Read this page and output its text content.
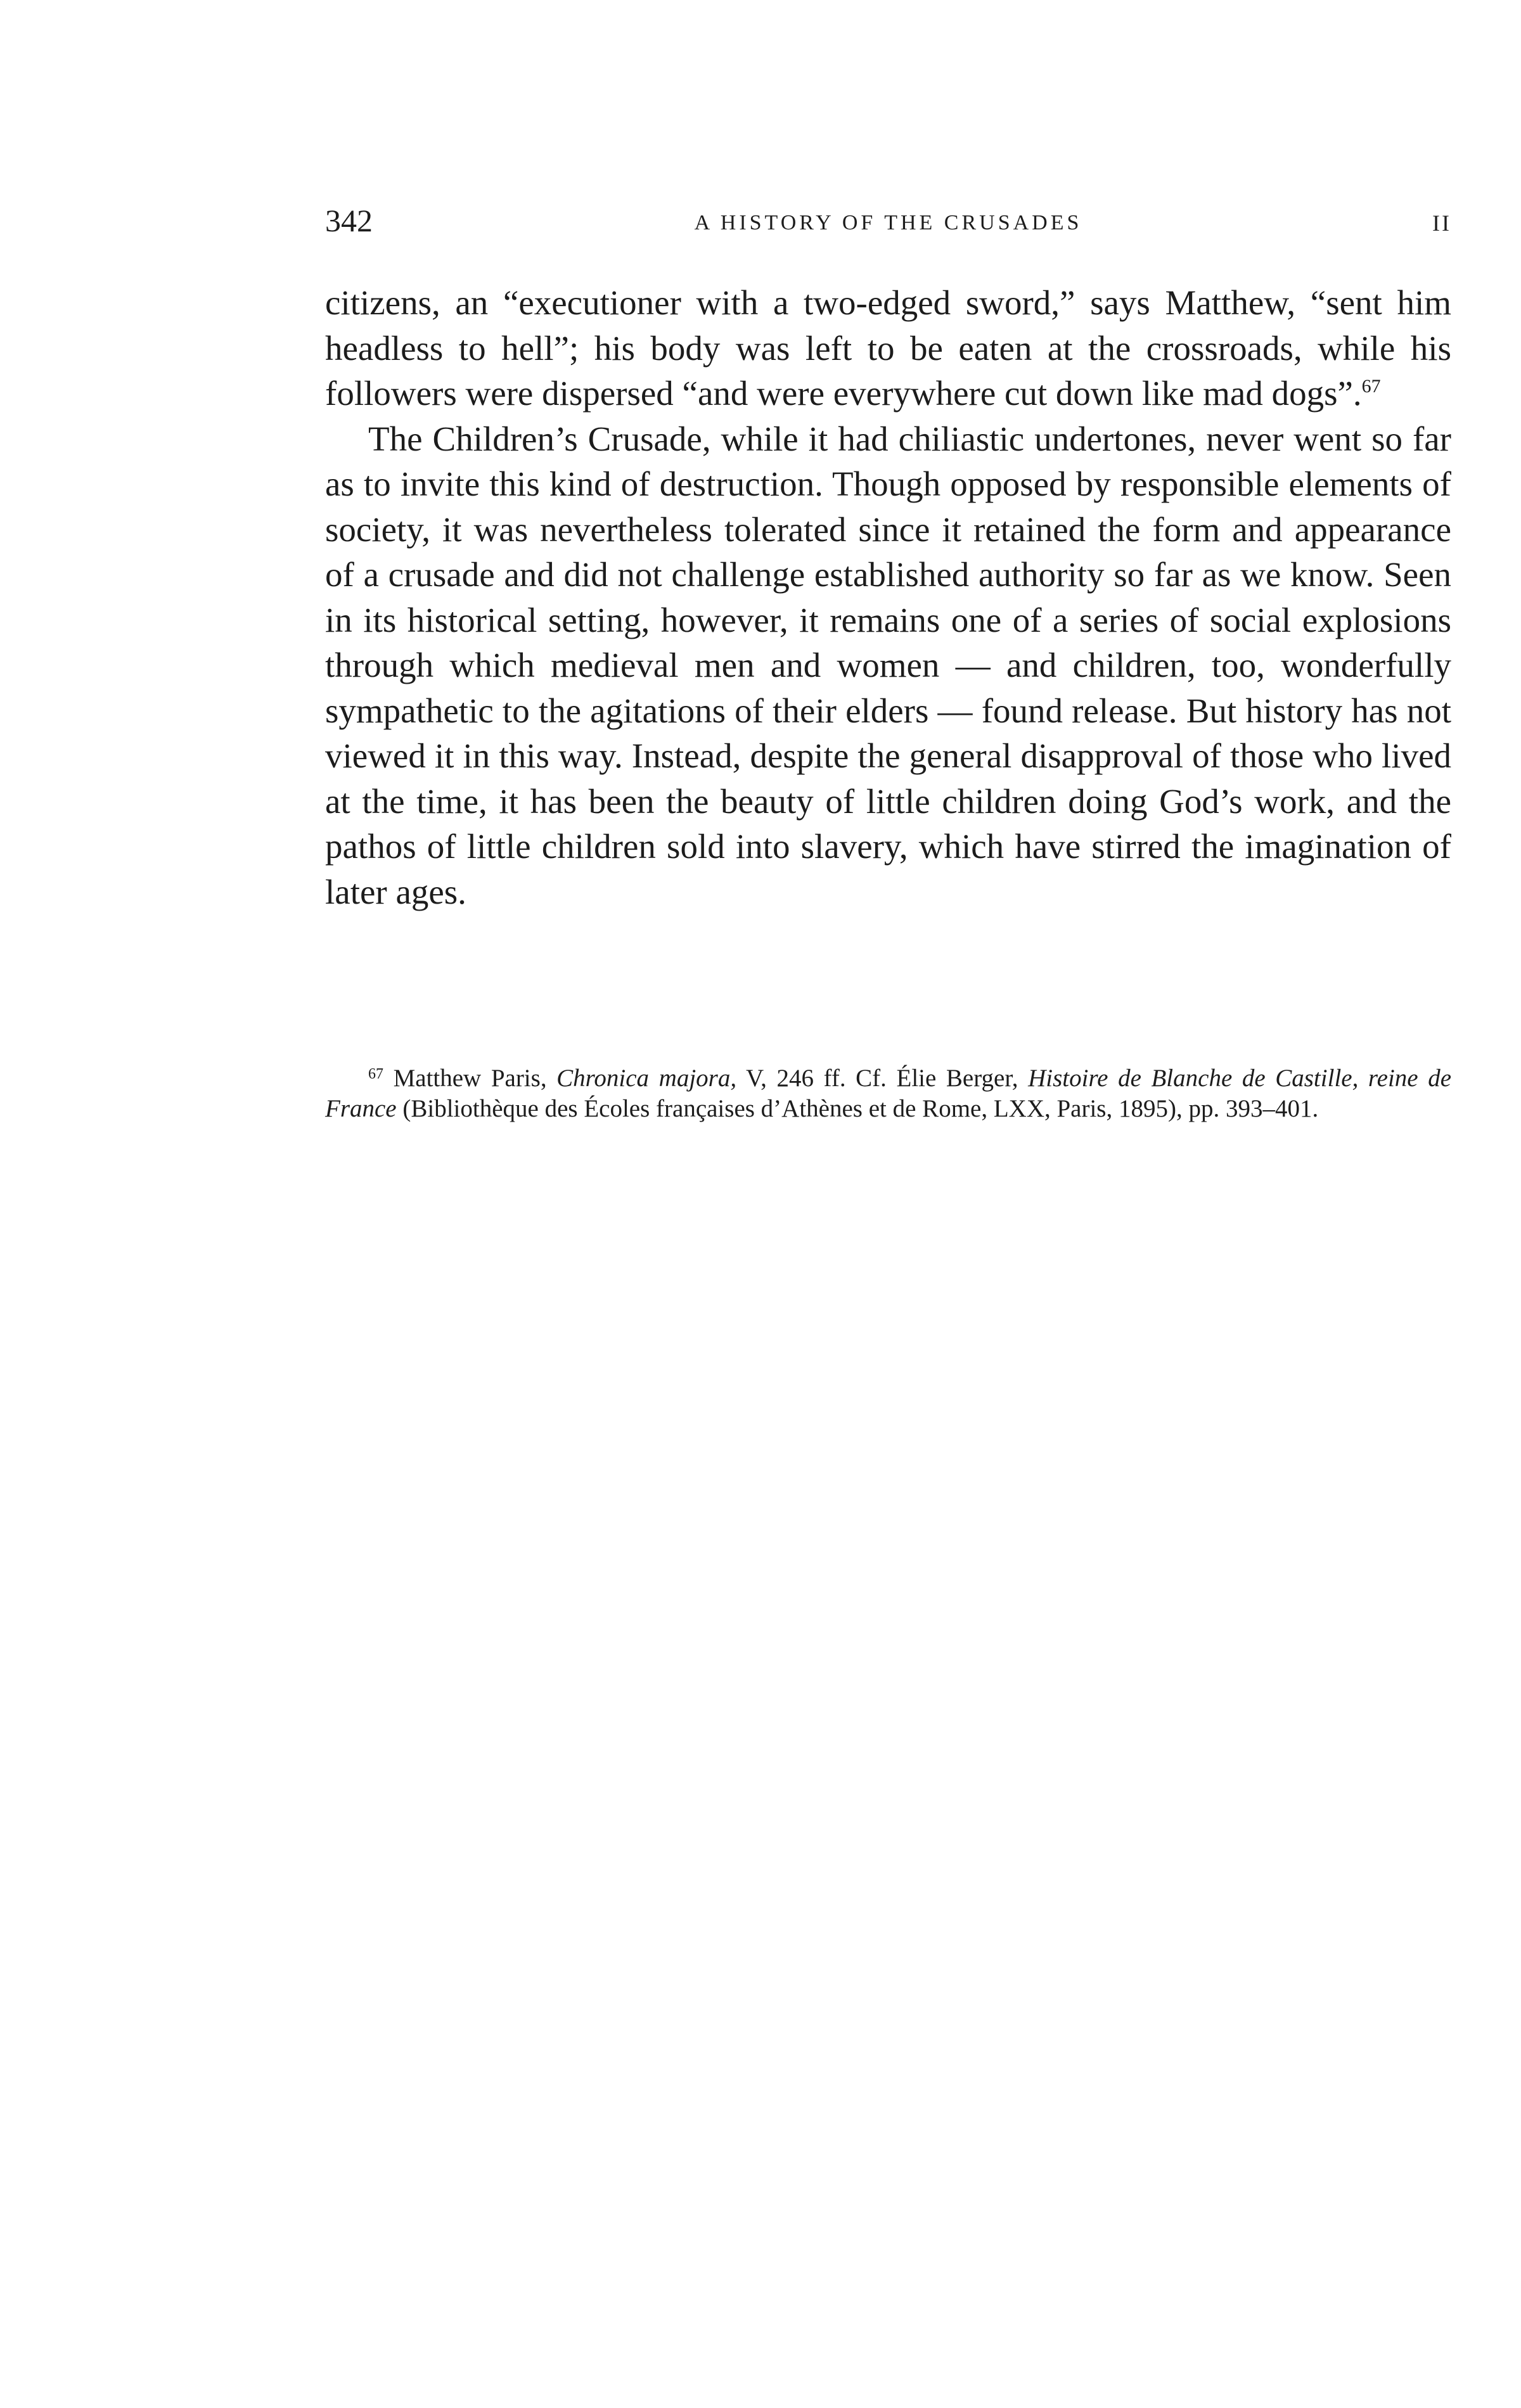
342	A HISTORY OF THE CRUSADES	II

citizens, an “executioner with a two-edged sword,” says Matthew, “sent him headless to hell”; his body was left to be eaten at the crossroads, while his followers were dispersed “and were everywhere cut down like mad dogs”.$^{67}$

The Children’s Crusade, while it had chiliastic undertones, never went so far as to invite this kind of destruction. Though opposed by responsible elements of society, it was nevertheless tolerated since it retained the form and appearance of a crusade and did not challenge established authority so far as we know. Seen in its historical setting, however, it remains one of a series of social explosions through which medieval men and women — and children, too, wonderfully sympathetic to the agitations of their elders — found release. But history has not viewed it in this way. Instead, despite the general disapproval of those who lived at the time, it has been the beauty of little children doing God’s work, and the pathos of little children sold into slavery, which have stirred the imagination of later ages.

$^{67}$ Matthew Paris, Chronica majora, V, 246 ff. Cf. Élie Berger, Histoire de Blanche de Castille, reine de France (Bibliothèque des Écoles françaises d’Athènes et de Rome, LXX, Paris, 1895), pp. 393–401.
